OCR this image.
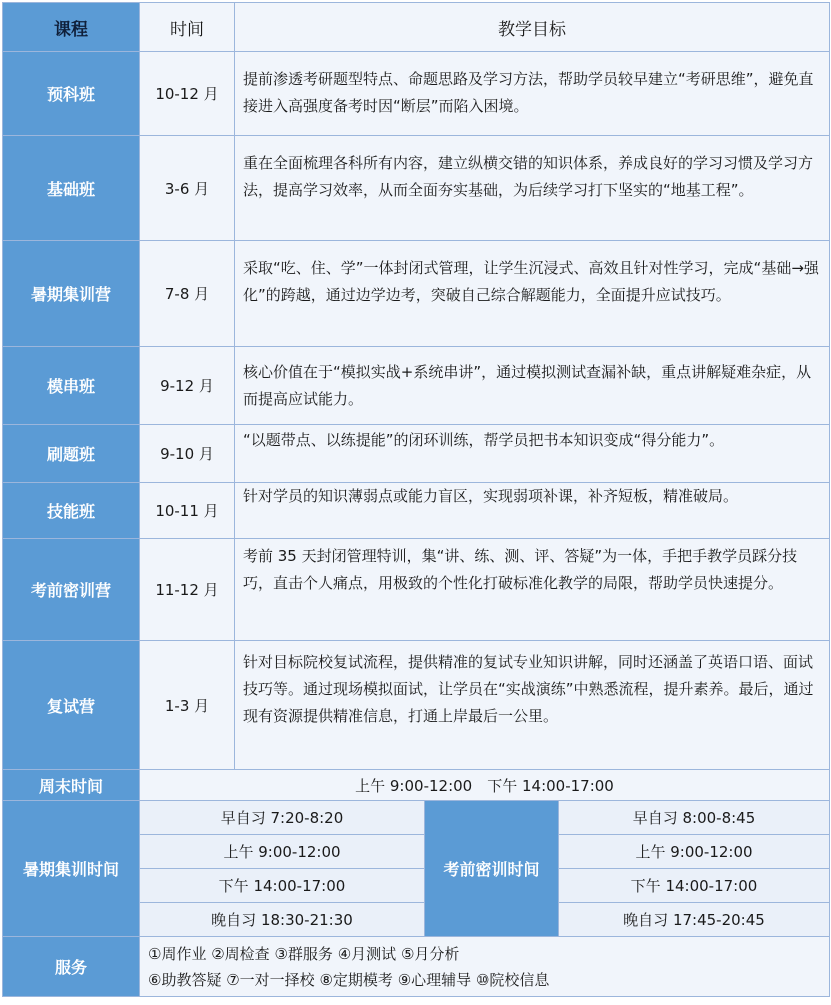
课程	时间	教学目标		
预科班	10-12 月	提前渗透考研题型特点、命题思路及学习方法，帮助学员较早建立“考研思维”，避免直接进入高强度备考时因“断层”而陷入困境。		
基础班	3-6 月	重在全面梳理各科所有内容，建立纵横交错的知识体系，养成良好的学习习惯及学习方法，提高学习效率，从而全面夯实基础，为后续学习打下坚实的“地基工程”。		
暑期集训营	7-8 月	采取“吃、住、学”一体封闭式管理，让学生沉浸式、高效且针对性学习，完成“基础→强化”的跨越，通过边学边考，突破自己综合解题能力，全面提升应试技巧。		
模串班	9-12 月	核心价值在于“模拟实战+系统串讲”，通过模拟测试查漏补缺，重点讲解疑难杂症，从而提高应试能力。		
刷题班	9-10 月	“以题带点、以练提能”的闭环训练，帮学员把书本知识变成“得分能力”。		
技能班	10-11 月	针对学员的知识薄弱点或能力盲区，实现弱项补课，补齐短板，精准破局。		
考前密训营	11-12 月	考前 35 天封闭管理特训，集“讲、练、测、评、答疑”为一体，手把手教学员踩分技巧，直击个人痛点，用极致的个性化打破标准化教学的局限，帮助学员快速提分。		
复试营	1-3 月	针对目标院校复试流程，提供精准的复试专业知识讲解，同时还涵盖了英语口语、面试技巧等。通过现场模拟面试，让学员在“实战演练”中熟悉流程，提升素养。最后，通过现有资源提供精准信息，打通上岸最后一公里。		
周末时间	上午 9:00-12:00　下午 14:00-17:00			
暑期集训时间	早自习 7:20-8:20		考前密训时间	早自习 8:00-8:45
	上午 9:00-12:00			上午 9:00-12:00
	下午 14:00-17:00			下午 14:00-17:00
	晚自习 18:30-21:30			晚自习 17:45-20:45
服务	①周作业 ②周检查 ③群服务 ④月测试 ⑤月分析
⑥助教答疑 ⑦一对一择校 ⑧定期模考 ⑨心理辅导 ⑩院校信息			
